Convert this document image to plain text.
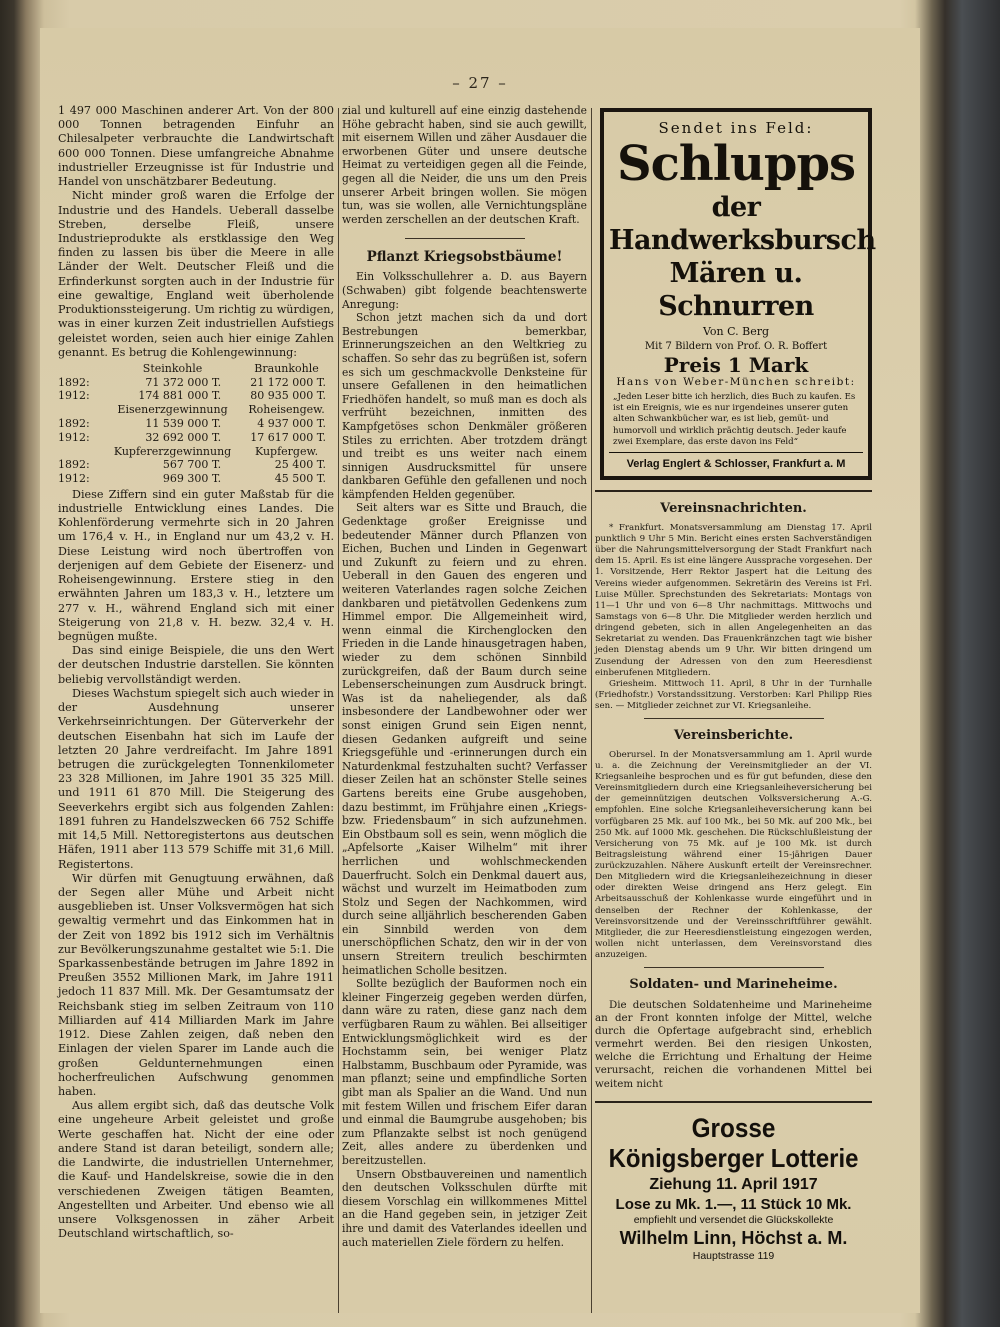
– 27 –

1 497 000 Maschinen anderer Art. Von der 800 000 Tonnen betragenden Einfuhr an Chilesalpeter verbrauchte die Landwirtschaft 600 000 Tonnen. Diese umfangreiche Abnahme industrieller Erzeugnisse ist für Industrie und Handel von unschätzbarer Bedeutung.

Nicht minder groß waren die Erfolge der Industrie und des Handels. Ueberall dasselbe Streben, derselbe Fleiß, unsere Industrieprodukte als erstklassige den Weg finden zu lassen bis über die Meere in alle Länder der Welt. Deutscher Fleiß und die Erfinderkunst sorgten auch in der Industrie für eine gewaltige, England weit überholende Produktionssteigerung. Um richtig zu würdigen, was in einer kurzen Zeit industriellen Aufstiegs geleistet worden, seien auch hier einige Zahlen genannt. Es betrug die Kohlengewinnung:

	Steinkohle	Braunkohle
1892:	71 372 000 T.	21 172 000 T.
1912:	174 881 000 T.	80 935 000 T.
	Eisenerzgewinnung	Roheisengew.
1892:	11 539 000 T.	4 937 000 T.
1912:	32 692 000 T.	17 617 000 T.
	Kupfererzgewinnung	Kupfergew.
1892:	567 700 T.	25 400 T.
1912:	969 300 T.	45 500 T.

Diese Ziffern sind ein guter Maßstab für die industrielle Entwicklung eines Landes. Die Kohlenförderung vermehrte sich in 20 Jahren um 176,4 v. H., in England nur um 43,2 v. H. Diese Leistung wird noch übertroffen von derjenigen auf dem Gebiete der Eisenerz- und Roheisengewinnung. Erstere stieg in den erwähnten Jahren um 183,3 v. H., letztere um 277 v. H., während England sich mit einer Steigerung von 21,8 v. H. bezw. 32,4 v. H. begnügen mußte.

Das sind einige Beispiele, die uns den Wert der deutschen Industrie darstellen. Sie könnten beliebig vervollständigt werden.

Dieses Wachstum spiegelt sich auch wieder in der Ausdehnung unserer Verkehrseinrichtungen. Der Güterverkehr der deutschen Eisenbahn hat sich im Laufe der letzten 20 Jahre verdreifacht. Im Jahre 1891 betrugen die zurückgelegten Tonnenkilometer 23 328 Millionen, im Jahre 1901 35 325 Mill. und 1911 61 870 Mill. Die Steigerung des Seeverkehrs ergibt sich aus folgenden Zahlen: 1891 fuhren zu Handelszwecken 66 752 Schiffe mit 14,5 Mill. Nettoregistertons aus deutschen Häfen, 1911 aber 113 579 Schiffe mit 31,6 Mill. Registertons.

Wir dürfen mit Genugtuung erwähnen, daß der Segen aller Mühe und Arbeit nicht ausgeblieben ist. Unser Volksvermögen hat sich gewaltig vermehrt und das Einkommen hat in der Zeit von 1892 bis 1912 sich im Verhältnis zur Bevölkerungszunahme gestaltet wie 5:1. Die Sparkassenbestände betrugen im Jahre 1892 in Preußen 3552 Millionen Mark, im Jahre 1911 jedoch 11 837 Mill. Mk. Der Gesamtumsatz der Reichsbank stieg im selben Zeitraum von 110 Milliarden auf 414 Milliarden Mark im Jahre 1912. Diese Zahlen zeigen, daß neben den Einlagen der vielen Sparer im Lande auch die großen Geldunternehmungen einen hocherfreulichen Aufschwung genommen haben.

Aus allem ergibt sich, daß das deutsche Volk eine ungeheure Arbeit geleistet und große Werte geschaffen hat. Nicht der eine oder andere Stand ist daran beteiligt, sondern alle; die Landwirte, die industriellen Unternehmer, die Kauf- und Handelskreise, sowie die in den verschiedenen Zweigen tätigen Beamten, Angestellten und Arbeiter. Und ebenso wie all unsere Volksgenossen in zäher Arbeit Deutschland wirtschaftlich, so-

zial und kulturell auf eine einzig dastehende Höhe gebracht haben, sind sie auch gewillt, mit eisernem Willen und zäher Ausdauer die erworbenen Güter und unsere deutsche Heimat zu verteidigen gegen all die Feinde, gegen all die Neider, die uns um den Preis unserer Arbeit bringen wollen. Sie mögen tun, was sie wollen, alle Vernichtungspläne werden zerschellen an der deutschen Kraft.

Pflanzt Kriegsobstbäume!

Ein Volksschullehrer a. D. aus Bayern (Schwaben) gibt folgende beachtenswerte Anregung:

Schon jetzt machen sich da und dort Bestrebungen bemerkbar, Erinnerungszeichen an den Weltkrieg zu schaffen. So sehr das zu begrüßen ist, sofern es sich um geschmackvolle Denksteine für unsere Gefallenen in den heimatlichen Friedhöfen handelt, so muß man es doch als verfrüht bezeichnen, inmitten des Kampfgetöses schon Denkmäler größeren Stiles zu errichten. Aber trotzdem drängt und treibt es uns weiter nach einem sinnigen Ausdrucksmittel für unsere dankbaren Gefühle den gefallenen und noch kämpfenden Helden gegenüber.

Seit alters war es Sitte und Brauch, die Gedenktage großer Ereignisse und bedeutender Männer durch Pflanzen von Eichen, Buchen und Linden in Gegenwart und Zukunft zu feiern und zu ehren. Ueberall in den Gauen des engeren und weiteren Vaterlandes ragen solche Zeichen dankbaren und pietätvollen Gedenkens zum Himmel empor. Die Allgemeinheit wird, wenn einmal die Kirchenglocken den Frieden in die Lande hinausgetragen haben, wieder zu dem schönen Sinnbild zurückgreifen, daß der Baum durch seine Lebenserscheinungen zum Ausdruck bringt. Was ist da naheliegender, als daß insbesondere der Landbewohner oder wer sonst einigen Grund sein Eigen nennt, diesen Gedanken aufgreift und seine Kriegsgefühle und -erinnerungen durch ein Naturdenkmal festzuhalten sucht? Verfasser dieser Zeilen hat an schönster Stelle seines Gartens bereits eine Grube ausgehoben, dazu bestimmt, im Frühjahre einen „Kriegs- bzw. Friedensbaum“ in sich aufzunehmen. Ein Obstbaum soll es sein, wenn möglich die „Apfelsorte „Kaiser Wilhelm“ mit ihrer herrlichen und wohlschmeckenden Dauerfrucht. Solch ein Denkmal dauert aus, wächst und wurzelt im Heimatboden zum Stolz und Segen der Nachkommen, wird durch seine alljährlich bescherenden Gaben ein Sinnbild werden von dem unerschöpflichen Schatz, den wir in der von unsern Streitern treulich beschirmten heimatlichen Scholle besitzen.

Sollte bezüglich der Bauformen noch ein kleiner Fingerzeig gegeben werden dürfen, dann wäre zu raten, diese ganz nach dem verfügbaren Raum zu wählen. Bei allseitiger Entwicklungsmöglichkeit wird es der Hochstamm sein, bei weniger Platz Halbstamm, Buschbaum oder Pyramide, was man pflanzt; seine und empfindliche Sorten gibt man als Spalier an die Wand. Und nun mit festem Willen und frischem Eifer daran und einmal die Baumgrube ausgehoben; bis zum Pflanzakte selbst ist noch genügend Zeit, alles andere zu überdenken und bereitzustellen.

Unsern Obstbauvereinen und namentlich den deutschen Volksschulen dürfte mit diesem Vorschlag ein willkommenes Mittel an die Hand gegeben sein, in jetziger Zeit ihre und damit des Vaterlandes ideellen und auch materiellen Ziele fördern zu helfen.

Sendet ins Feld:
Schlupps
der Handwerksbursch
Mären u. Schnurren
Von C. Berg
Mit 7 Bildern von Prof. O. R. Boffert
Preis 1 Mark
Hans von Weber-München schreibt:
„Jeden Leser bitte ich herzlich, dies Buch zu kaufen. Es ist ein Ereignis, wie es nur irgendeines unserer guten alten Schwankbücher war, es ist lieb, gemüt- und humorvoll und wirklich prächtig deutsch. Jeder kaufe zwei Exemplare, das erste davon ins Feld“
Verlag Englert & Schlosser, Frankfurt a. M
Vereinsnachrichten.

* Frankfurt. Monatsversammlung am Dienstag 17. April punktlich 9 Uhr 5 Min. Bericht eines ersten Sachverständigen über die Nahrungsmittelversorgung der Stadt Frankfurt nach dem 15. April. Es ist eine längere Aussprache vorgesehen. Der 1. Vorsitzende, Herr Rektor Jaspert hat die Leitung des Vereins wieder aufgenommen. Sekretärin des Vereins ist Frl. Luise Müller. Sprechstunden des Sekretariats: Montags von 11—1 Uhr und von 6—8 Uhr nachmittags. Mittwochs und Samstags von 6—8 Uhr. Die Mitglieder werden herzlich und dringend gebeten, sich in allen Angelegenheiten an das Sekretariat zu wenden. Das Frauenkränzchen tagt wie bisher jeden Dienstag abends um 9 Uhr. Wir bitten dringend um Zusendung der Adressen von den zum Heeresdienst einberufenen Mitgliedern.

Griesheim. Mittwoch 11. April, 8 Uhr in der Turnhalle (Friedhofstr.) Vorstandssitzung. Verstorben: Karl Philipp Ries sen. — Mitglieder zeichnet zur VI. Kriegsanleihe.

Vereinsberichte.

Oberursel. In der Monatsversammlung am 1. April wurde u. a. die Zeichnung der Vereinsmitglieder an der VI. Kriegsanleihe besprochen und es für gut befunden, diese den Vereinsmitgliedern durch eine Kriegsanleiheversicherung bei der gemeinnützigen deutschen Volksversicherung A.-G. empfohlen. Eine solche Kriegsanleiheversicherung kann bei vorfügbaren 25 Mk. auf 100 Mk., bei 50 Mk. auf 200 Mk., bei 250 Mk. auf 1000 Mk. geschehen. Die Rückschlußleistung der Versicherung von 75 Mk. auf je 100 Mk. ist durch Beitragsleistung während einer 15-jährigen Dauer zurückzuzahlen. Nähere Auskunft erteilt der Vereinsrechner. Den Mitgliedern wird die Kriegsanleihezeichnung in dieser oder direkten Weise dringend ans Herz gelegt. Ein Arbeitsausschuß der Kohlenkasse wurde eingeführt und in denselben der Rechner der Kohlenkasse, der Vereinsvorsitzende und der Vereinsschriftführer gewählt. Mitglieder, die zur Heeresdienstleistung eingezogen werden, wollen nicht unterlassen, dem Vereinsvorstand dies anzuzeigen.

Soldaten- und Marineheime.

Die deutschen Soldatenheime und Marineheime an der Front konnten infolge der Mittel, welche durch die Opfertage aufgebracht sind, erheblich vermehrt werden. Bei den riesigen Unkosten, welche die Errichtung und Erhaltung der Heime verursacht, reichen die vorhandenen Mittel bei weitem nicht

Grosse
Königsberger Lotterie
Ziehung 11. April 1917
Lose zu Mk. 1.—, 11 Stück 10 Mk.
empfiehlt und versendet die Glückskollekte
Wilhelm Linn, Höchst a. M.
Hauptstrasse 119
